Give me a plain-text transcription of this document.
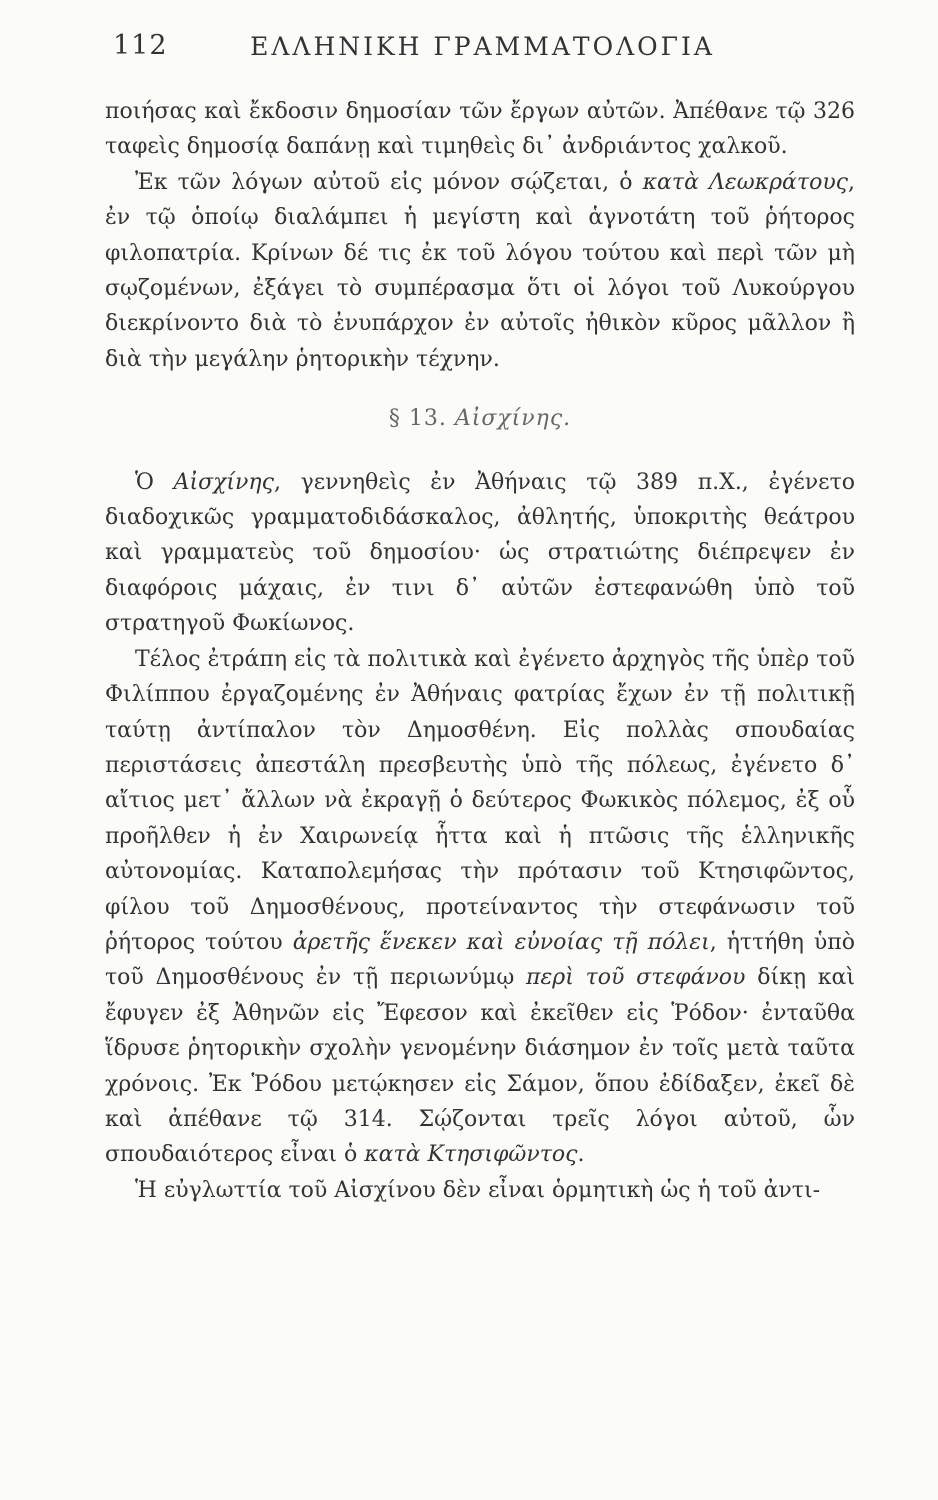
112	ΕΛΛΗΝΙΚΗ ΓΡΑΜΜΑΤΟΛΟΓΙΑ

ποιήσας καὶ ἔκδοσιν δημοσίαν τῶν ἔργων αὐτῶν. Ἀπέθανε τῷ 326 ταφεὶς δημοσίᾳ δαπάνῃ καὶ τιμηθεὶς δι᾽ ἀνδριάντος χαλκοῦ.

Ἐκ τῶν λόγων αὐτοῦ εἰς μόνον σῴζεται, ὁ κατὰ Λεωκράτους, ἐν τῷ ὁποίῳ διαλάμπει ἡ μεγίστη καὶ ἁγνοτάτη τοῦ ῥήτορος φιλοπατρία. Κρίνων δέ τις ἐκ τοῦ λόγου τούτου καὶ περὶ τῶν μὴ σῳζομένων, ἐξάγει τὸ συμπέρασμα ὅτι οἱ λόγοι τοῦ Λυκούργου διεκρίνοντο διὰ τὸ ἐνυπάρχον ἐν αὐτοῖς ἠθικὸν κῦρος μᾶλλον ἢ διὰ τὴν μεγάλην ῥητορικὴν τέχνην.

§ 13. Αἰσχίνης.

Ὁ Αἰσχίνης, γεννηθεὶς ἐν Ἀθήναις τῷ 389 π.Χ., ἐγένετο διαδοχικῶς γραμματοδιδάσκαλος, ἀθλητής, ὑποκριτὴς θεάτρου καὶ γραμματεὺς τοῦ δημοσίου· ὡς στρατιώτης διέπρεψεν ἐν διαφόροις μάχαις, ἐν τινι δ᾽ αὐτῶν ἐστεφανώθη ὑπὸ τοῦ στρατηγοῦ Φωκίωνος.

Τέλος ἐτράπη εἰς τὰ πολιτικὰ καὶ ἐγένετο ἀρχηγὸς τῆς ὑπὲρ τοῦ Φιλίππου ἐργαζομένης ἐν Ἀθήναις φατρίας ἔχων ἐν τῇ πολιτικῇ ταύτῃ ἀντίπαλον τὸν Δημοσθένη. Εἰς πολλὰς σπουδαίας περιστάσεις ἀπεστάλη πρεσβευτὴς ὑπὸ τῆς πόλεως, ἐγένετο δ᾽ αἴτιος μετ᾽ ἄλλων νὰ ἐκραγῇ ὁ δεύτερος Φωκικὸς πόλεμος, ἐξ οὗ προῆλθεν ἡ ἐν Χαιρωνείᾳ ἧττα καὶ ἡ πτῶσις τῆς ἑλληνικῆς αὐτονομίας. Καταπολεμήσας τὴν πρότασιν τοῦ Κτησιφῶντος, φίλου τοῦ Δημοσθένους, προτείναντος τὴν στεφάνωσιν τοῦ ῥήτορος τούτου ἀρετῆς ἕνεκεν καὶ εὐνοίας τῇ πόλει, ἡττήθη ὑπὸ τοῦ Δημοσθένους ἐν τῇ περιωνύμῳ περὶ τοῦ στεφάνου δίκῃ καὶ ἔφυγεν ἐξ Ἀθηνῶν εἰς Ἔφεσον καὶ ἐκεῖθεν εἰς Ῥόδον· ἐνταῦθα ἵδρυσε ῥητορικὴν σχολὴν γενομένην διάσημον ἐν τοῖς μετὰ ταῦτα χρόνοις. Ἐκ Ῥόδου μετῴκησεν εἰς Σάμον, ὅπου ἐδίδαξεν, ἐκεῖ δὲ καὶ ἀπέθανε τῷ 314. Σῴζονται τρεῖς λόγοι αὐτοῦ, ὧν σπουδαιότερος εἶναι ὁ κατὰ Κτησιφῶντος.

Ἡ εὐγλωττία τοῦ Αἰσχίνου δὲν εἶναι ὁρμητικὴ ὡς ἡ τοῦ ἀντι-
